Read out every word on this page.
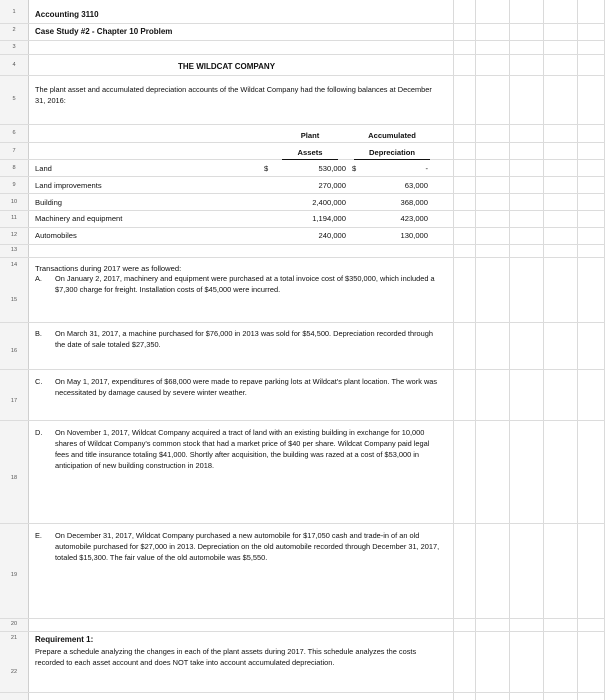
1
2
3
4
5
6
7
8
9
10
11
12
13
14
15
16
17
18
19
20
21
22
Accounting 3110
Case Study #2 - Chapter 10 Problem
THE WILDCAT COMPANY
The plant asset and accumulated depreciation accounts of the Wildcat Company had the following balances at December 31, 2016:
Plant
Assets
Accumulated
Depreciation
Land	$	530,000 $	-
Land improvements	270,000	63,000
Building	2,400,000	368,000
Machinery and equipment	1,194,000	423,000
Automobiles	240,000	130,000
Transactions during 2017 were as followed:
A. On January 2, 2017, machinery and equipment were purchased at a total invoice cost of $350,000, which included a $7,300 charge for freight. Installation costs of $45,000 were incurred.
B. On March 31, 2017, a machine purchased for $76,000 in 2013 was sold for $54,500. Depreciation recorded through the date of sale totaled $27,350.
C. On May 1, 2017, expenditures of $68,000 were made to repave parking lots at Wildcat's plant location. The work was necessitated by damage caused by severe winter weather.
D. On November 1, 2017, Wildcat Company acquired a tract of land with an existing building in exchange for 10,000 shares of Wildcat Company's common stock that had a market price of $40 per share. Wildcat Company paid legal fees and title insurance totaling $41,000. Shortly after acquisition, the building was razed at a cost of $53,000 in anticipation of new building construction in 2018.
E. On December 31, 2017, Wildcat Company purchased a new automobile for $17,050 cash and trade-in of an old automobile purchased for $27,000 in 2013. Depreciation on the old automobile recorded through December 31, 2017, totaled $15,300. The fair value of the old automobile was $5,550.
Requirement 1:
Prepare a schedule analyzing the changes in each of the plant assets during 2017. This schedule analyzes the costs recorded to each asset account and does NOT take into account accumulated depreciation.
